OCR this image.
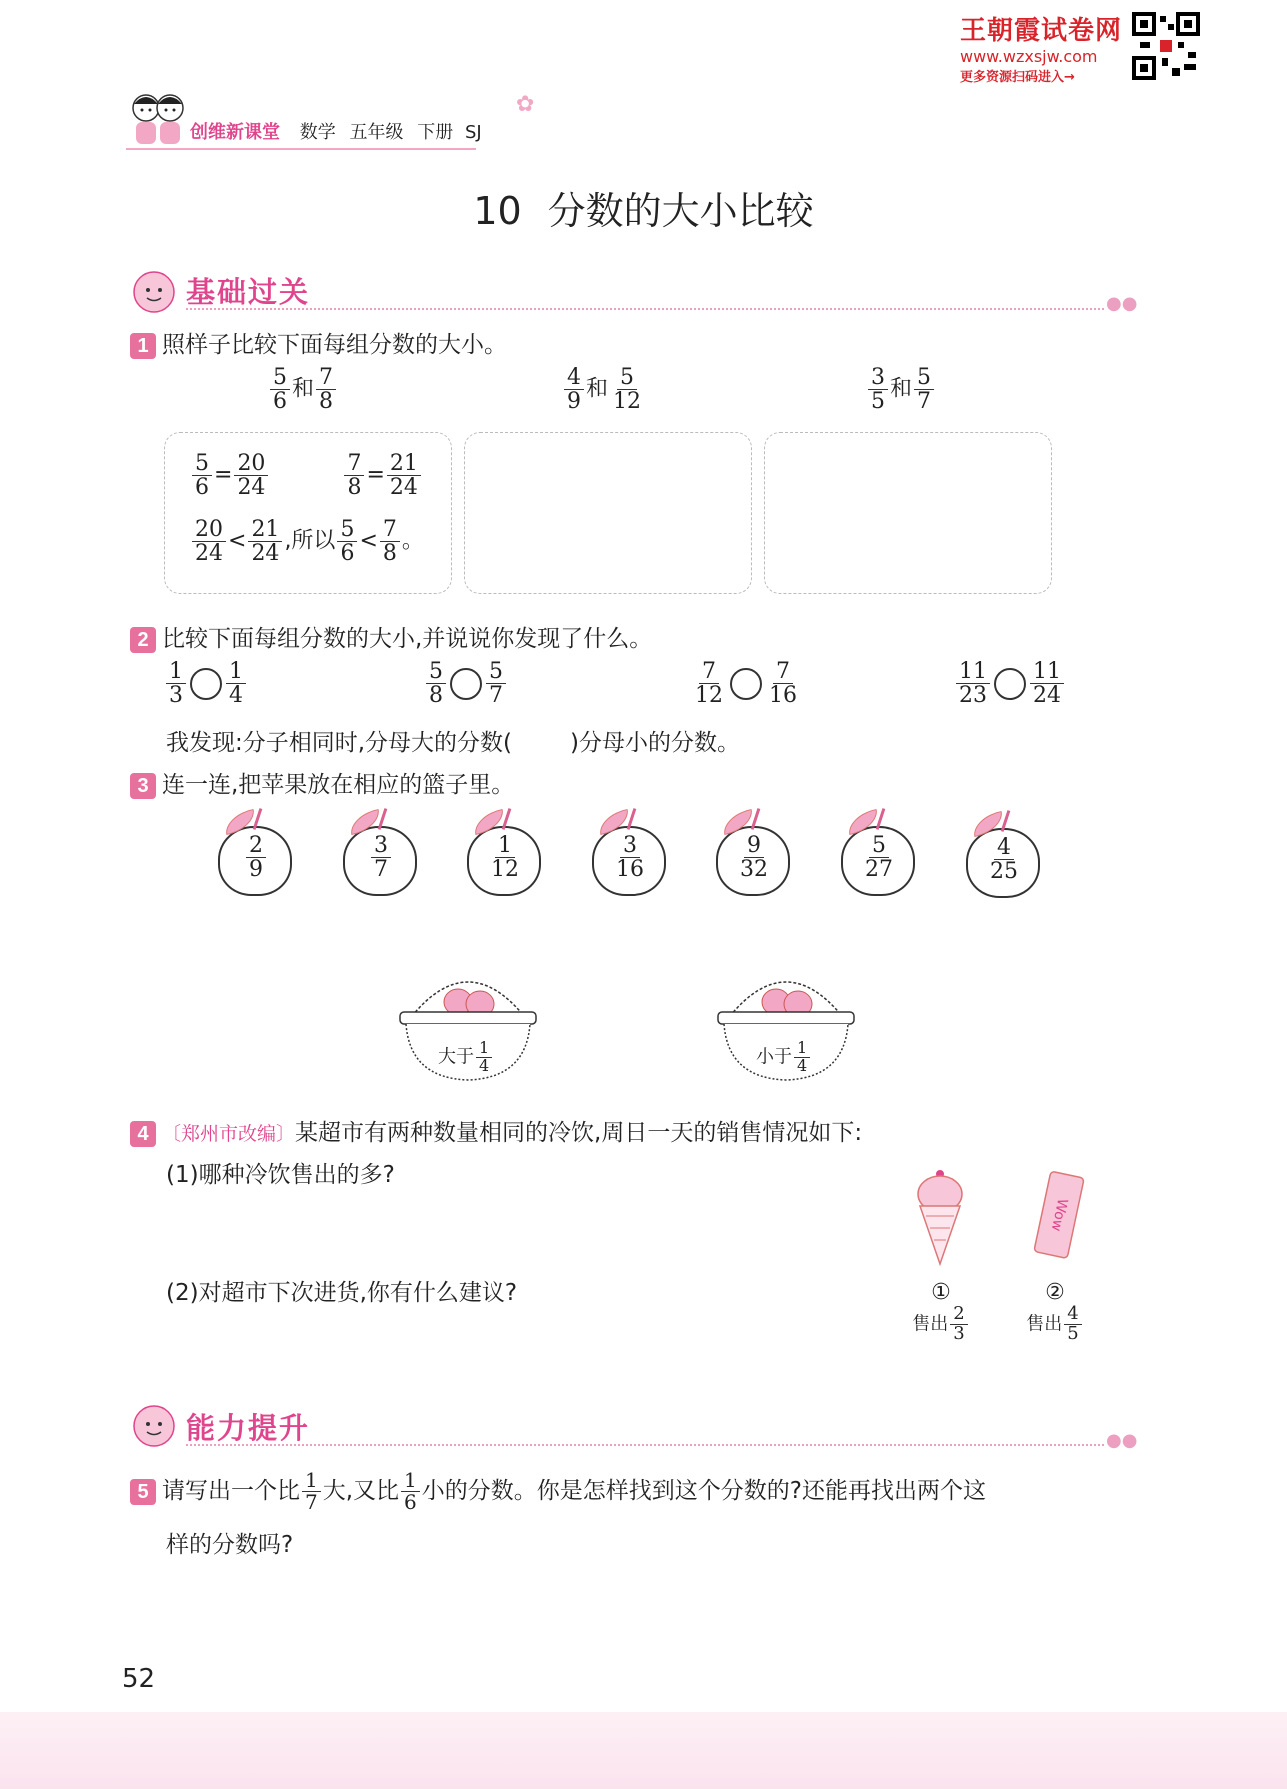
王朝霞试卷网
www.wzxsjw.com
更多资源扫码进入→
创维新课堂 数学 五年级 下册 SJ
✿
10 分数的大小比较
基础过关	●●
1 照样子比较下面每组分数的大小。
$\frac{5}{6}$ 和 $\frac{7}{8}$	$\frac{4}{9}$ 和 $\frac{5}{12}$	$\frac{3}{5}$ 和 $\frac{5}{7}$
$\frac{5}{6} = \frac{20}{24}$
	$\frac{7}{8} = \frac{21}{24}$
$\frac{20}{24} < \frac{21}{24}$ ,所以 $\frac{5}{6} < \frac{7}{8}$ 。
2 比较下面每组分数的大小,并说说你发现了什么。
$\frac{1}{3} \frac{1}{4}$	$\frac{5}{8} \frac{5}{7}$	$\frac{7}{12} \frac{7}{16}$	$\frac{11}{23} \frac{11}{24}$
我发现:分子相同时,分母大的分数(	)分母小的分数。
3 连一连,把苹果放在相应的篮子里。
$\frac{2}{9}$	$\frac{3}{7}$	$\frac{1}{12}$	$\frac{3}{16}$	$\frac{9}{32}$	$\frac{5}{27}$	$\frac{4}{25}$
大于 $\frac{1}{4}$	小于 $\frac{1}{4}$
4 〔郑州市改编〕某超市有两种数量相同的冷饮,周日一天的销售情况如下:
(1)哪种冷饮售出的多?
(2)对超市下次进货,你有什么建议?
Wow
①
售出 $\frac{2}{3}$
②
售出 $\frac{4}{5}$
能力提升	●●
5 请写出一个比 $\frac{1}{7}$ 大,又比 $\frac{1}{6}$ 小的分数。你是怎样找到这个分数的?还能再找出两个这
样的分数吗?
52
